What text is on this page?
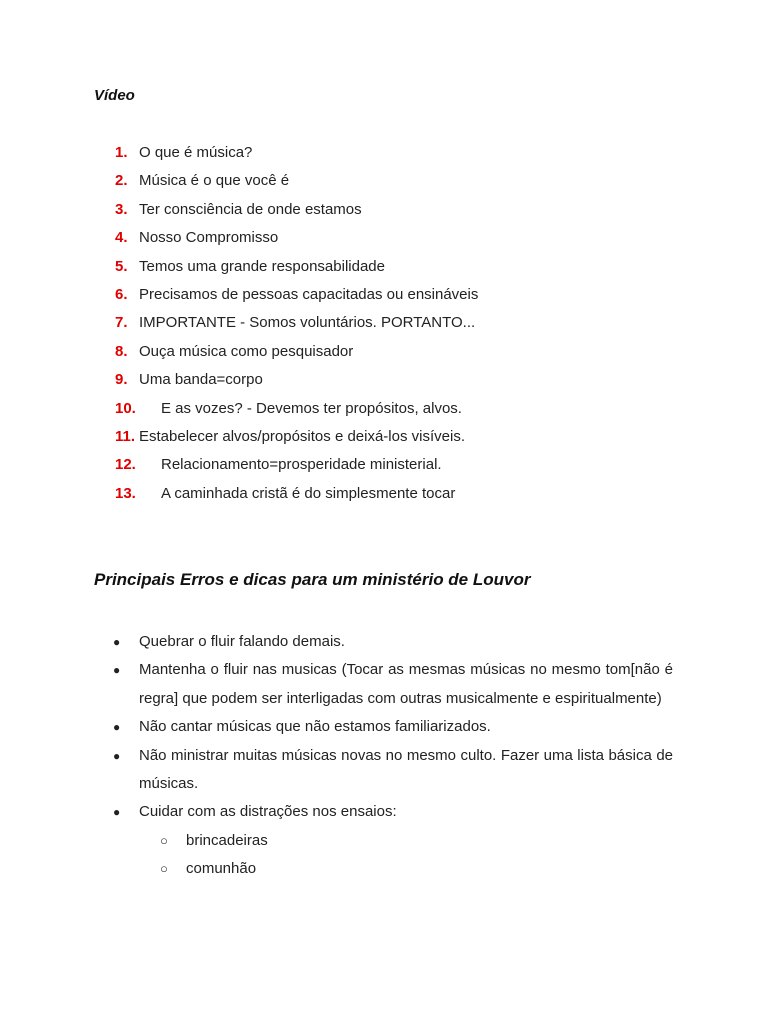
Vídeo
1. O que é música?
2. Música é o que você é
3. Ter consciência de onde estamos
4. Nosso Compromisso
5. Temos uma grande responsabilidade
6. Precisamos de pessoas capacitadas ou ensináveis
7. IMPORTANTE - Somos voluntários. PORTANTO...
8. Ouça música como pesquisador
9. Uma banda=corpo
10. E as vozes? - Devemos ter propósitos, alvos.
11. Estabelecer alvos/propósitos e deixá-los visíveis.
12. Relacionamento=prosperidade ministerial.
13. A caminhada cristã é do simplesmente tocar
Principais Erros e dicas para um ministério de Louvor
● Quebrar o fluir falando demais.
● Mantenha o fluir nas musicas (Tocar as mesmas músicas no mesmo tom[não é regra] que podem ser interligadas com outras musicalmente e espiritualmente)
● Não cantar músicas que não estamos familiarizados.
● Não ministrar muitas músicas novas no mesmo culto. Fazer uma lista básica de músicas.
● Cuidar com as distrações nos ensaios:
○ brincadeiras
○ comunhão
